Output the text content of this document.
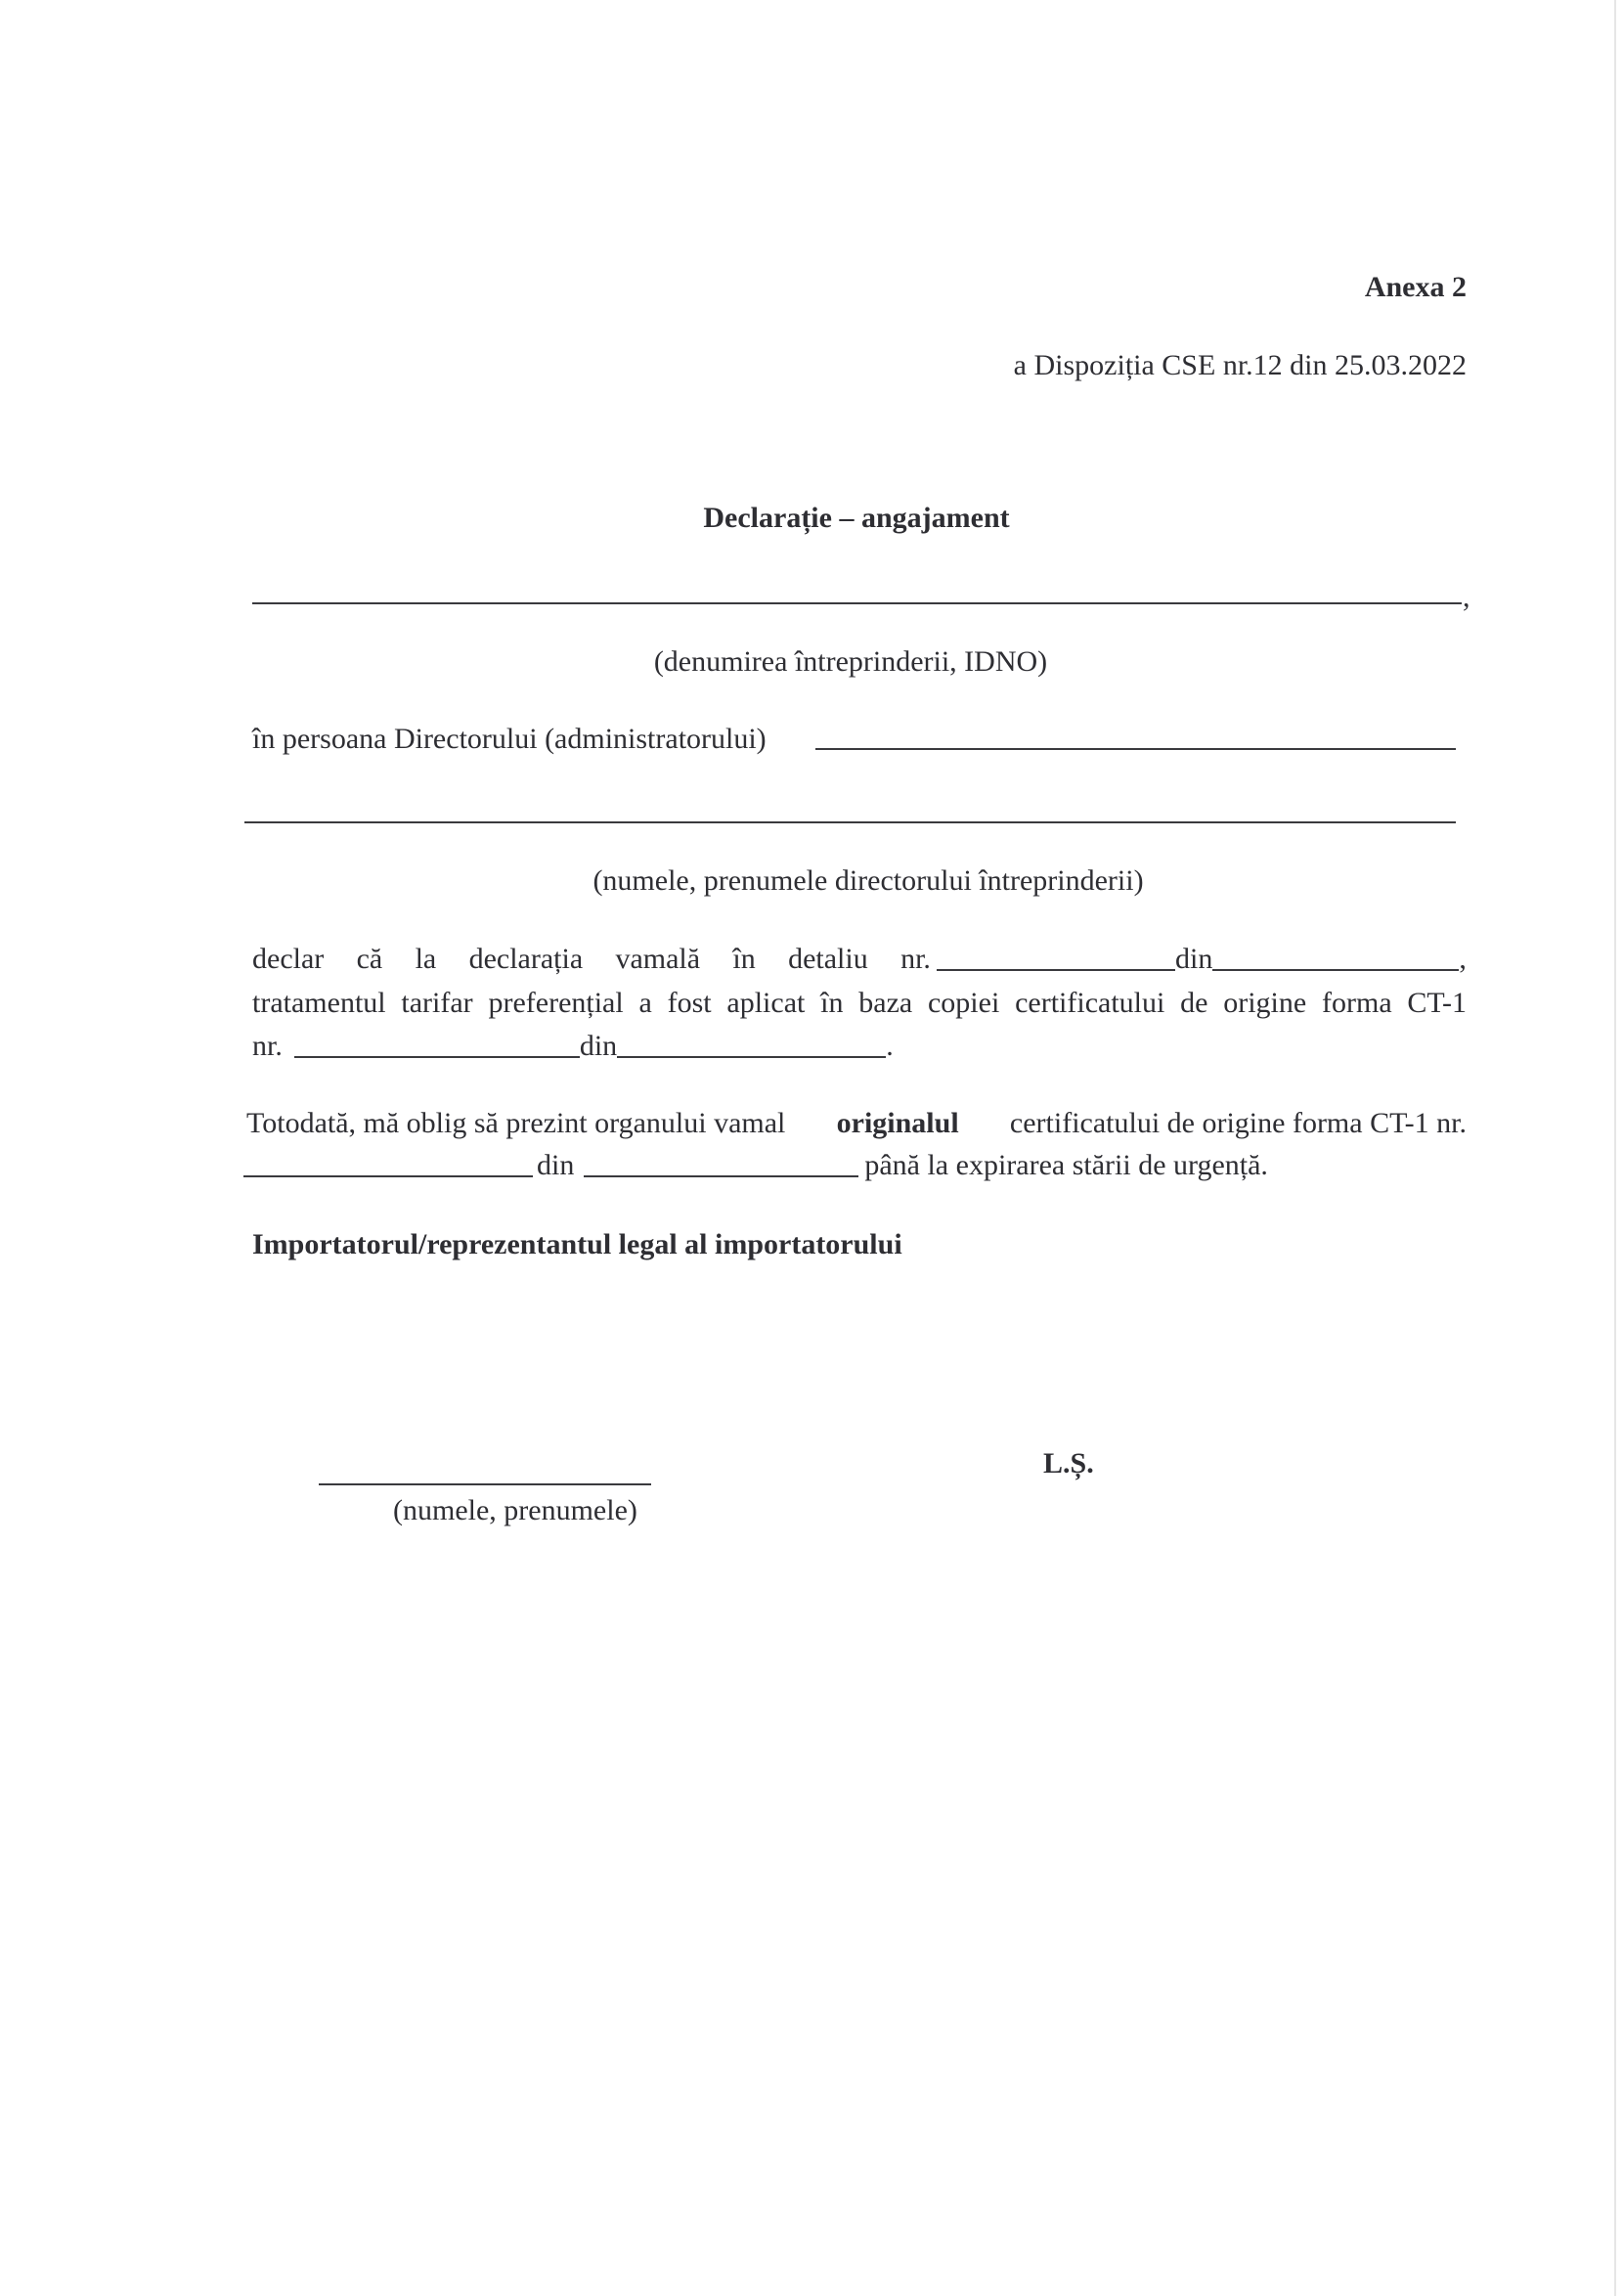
Anexa 2
a Dispoziția CSE nr.12 din 25.03.2022
Declarație – angajament
,
(denumirea întreprinderii, IDNO)
în persoana Directorului (administratorului)
(numele, prenumele directorului întreprinderii)
declar că la declarația vamală în detaliu nr.	din	,
tratamentul tarifar preferențial a fost aplicat în baza copiei certificatului de origine forma CT-1
nr.	din	.
Totodată, mă oblig să prezint organului vamal originalul certificatului de origine forma CT-1 nr.
din	până la expirarea stării de urgență.
Importatorul/reprezentantul legal al importatorului
(numele, prenumele)
L.Ș.
